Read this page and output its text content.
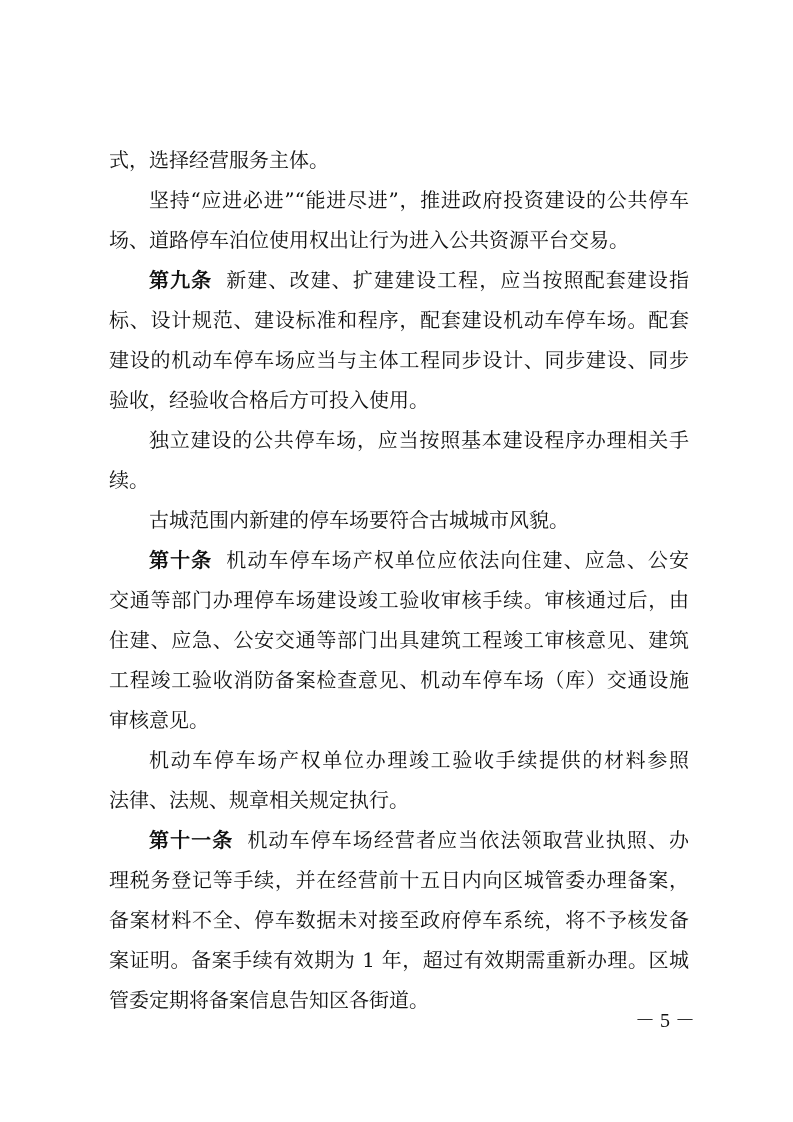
式，选择经营服务主体。
坚持“应进必进”“能进尽进”，推进政府投资建设的公共停车
场、道路停车泊位使用权出让行为进入公共资源平台交易。
第九条 新建、改建、扩建建设工程，应当按照配套建设指
标、设计规范、建设标准和程序，配套建设机动车停车场。配套
建设的机动车停车场应当与主体工程同步设计、同步建设、同步
验收，经验收合格后方可投入使用。
独立建设的公共停车场，应当按照基本建设程序办理相关手
续。
古城范围内新建的停车场要符合古城城市风貌。
第十条 机动车停车场产权单位应依法向住建、应急、公安
交通等部门办理停车场建设竣工验收审核手续。审核通过后，由
住建、应急、公安交通等部门出具建筑工程竣工审核意见、建筑
工程竣工验收消防备案检查意见、机动车停车场（库）交通设施
审核意见。
机动车停车场产权单位办理竣工验收手续提供的材料参照
法律、法规、规章相关规定执行。
第十一条 机动车停车场经营者应当依法领取营业执照、办
理税务登记等手续，并在经营前十五日内向区城管委办理备案，
备案材料不全、停车数据未对接至政府停车系统，将不予核发备
案证明。备案手续有效期为 1 年，超过有效期需重新办理。区城
管委定期将备案信息告知区各街道。
－ 5 －
